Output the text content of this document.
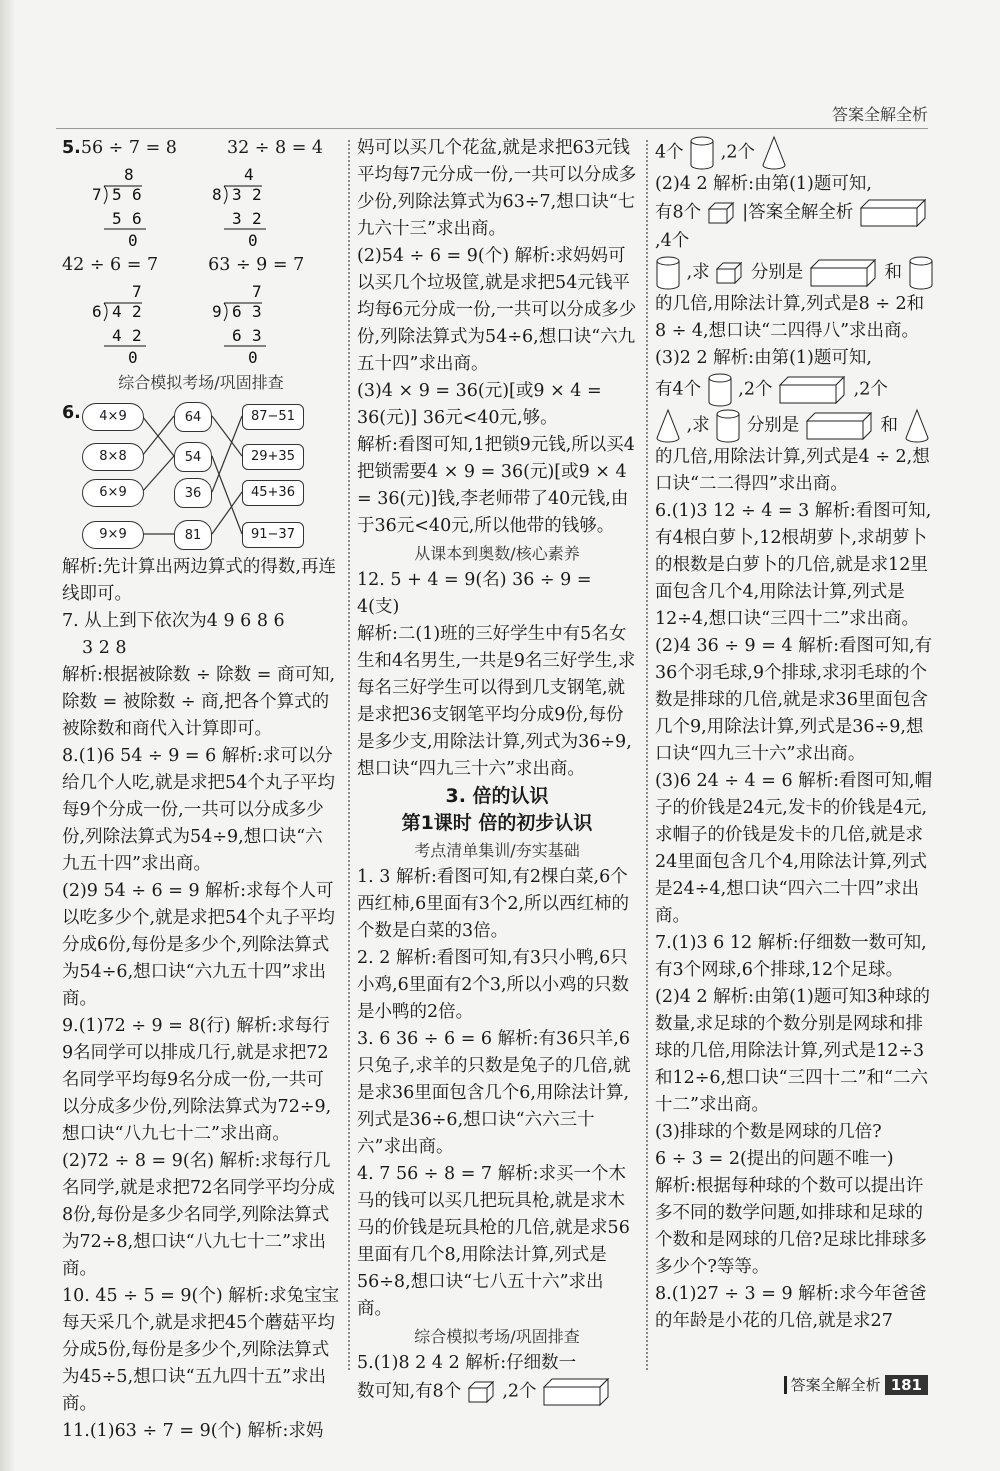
答案全解全析
5.56 ÷ 7 = 8	32 ÷ 8 = 4
8
7 5 6
5 6
0
4
8 3 2
3 2
0
42 ÷ 6 = 7	63 ÷ 9 = 7
7
6 4 2
4 2
0
7
9 6 3
6 3
0

综合模拟考场/巩固排查

6.	4×9
8×8
6×9
9×9
64
54
36
81
87−51
29+35
45+36
91−37

解析:先计算出两边算式的得数,再连线即可。

7. 从上到下依次为4 9 6 8 6

3 2 8

解析:根据被除数 ÷ 除数 = 商可知,除数 = 被除数 ÷ 商,把各个算式的被除数和商代入计算即可。

8.(1)6 54 ÷ 9 = 6 解析:求可以分给几个人吃,就是求把54个丸子平均每9个分成一份,一共可以分成多少份,列除法算式为54÷9,想口诀“六九五十四”求出商。

(2)9 54 ÷ 6 = 9 解析:求每个人可以吃多少个,就是求把54个丸子平均分成6份,每份是多少个,列除法算式为54÷6,想口诀“六九五十四”求出商。

9.(1)72 ÷ 9 = 8(行) 解析:求每行9名同学可以排成几行,就是求把72名同学平均每9名分成一份,一共可以分成多少份,列除法算式为72÷9,想口诀“八九七十二”求出商。

(2)72 ÷ 8 = 9(名) 解析:求每行几名同学,就是求把72名同学平均分成8份,每份是多少名同学,列除法算式为72÷8,想口诀“八九七十二”求出商。

10. 45 ÷ 5 = 9(个) 解析:求兔宝宝每天采几个,就是求把45个蘑菇平均分成5份,每份是多少个,列除法算式为45÷5,想口诀“五九四十五”求出商。

11.(1)63 ÷ 7 = 9(个) 解析:求妈

妈可以买几个花盆,就是求把63元钱平均每7元分成一份,一共可以分成多少份,列除法算式为63÷7,想口诀“七九六十三”求出商。

(2)54 ÷ 6 = 9(个) 解析:求妈妈可以买几个垃圾筐,就是求把54元钱平均每6元分成一份,一共可以分成多少份,列除法算式为54÷6,想口诀“六九五十四”求出商。

(3)4 × 9 = 36(元)[或9 × 4 = 36(元)] 36元<40元,够。

解析:看图可知,1把锁9元钱,所以买4把锁需要4 × 9 = 36(元)[或9 × 4 = 36(元)]钱,李老师带了40元钱,由于36元<40元,所以他带的钱够。

从课本到奥数/核心素养

12. 5 + 4 = 9(名) 36 ÷ 9 = 4(支)

解析:二(1)班的三好学生中有5名女生和4名男生,一共是9名三好学生,求每名三好学生可以得到几支钢笔,就是求把36支钢笔平均分成9份,每份是多少支,用除法计算,列式为36÷9,想口诀“四九三十六”求出商。

3. 倍的认识

第1课时 倍的初步认识

考点清单集训/夯实基础

1. 3 解析:看图可知,有2棵白菜,6个西红柿,6里面有3个2,所以西红柿的个数是白菜的3倍。

2. 2 解析:看图可知,有3只小鸭,6只小鸡,6里面有2个3,所以小鸡的只数是小鸭的2倍。

3. 6 36 ÷ 6 = 6 解析:有36只羊,6只兔子,求羊的只数是兔子的几倍,就是求36里面包含几个6,用除法计算,列式是36÷6,想口诀“六六三十六”求出商。

4. 7 56 ÷ 8 = 7 解析:求买一个木马的钱可以买几把玩具枪,就是求木马的价钱是玩具枪的几倍,就是求56里面有几个8,用除法计算,列式是56÷8,想口诀“七八五十六”求出商。

综合模拟考场/巩固排查

5.(1)8 2 4 2 解析:仔细数一

数可知,有8个 ,2个

4个 ,2个

(2)4 2 解析:由第(1)题可知,

有8个 |答案全解全析  ,4个

,求 分别是	和

的几倍,用除法计算,列式是8 ÷ 2和8 ÷ 4,想口诀“二四得八”求出商。

(3)2 2 解析:由第(1)题可知,

有4个 ,2个	,2个

,求 分别是	和

的几倍,用除法计算,列式是4 ÷ 2,想口诀“二二得四”求出商。

6.(1)3 12 ÷ 4 = 3 解析:看图可知,有4根白萝卜,12根胡萝卜,求胡萝卜的根数是白萝卜的几倍,就是求12里面包含几个4,用除法计算,列式是12÷4,想口诀“三四十二”求出商。

(2)4 36 ÷ 9 = 4 解析:看图可知,有36个羽毛球,9个排球,求羽毛球的个数是排球的几倍,就是求36里面包含几个9,用除法计算,列式是36÷9,想口诀“四九三十六”求出商。

(3)6 24 ÷ 4 = 6 解析:看图可知,帽子的价钱是24元,发卡的价钱是4元,求帽子的价钱是发卡的几倍,就是求24里面包含几个4,用除法计算,列式是24÷4,想口诀“四六二十四”求出商。

7.(1)3 6 12 解析:仔细数一数可知,有3个网球,6个排球,12个足球。

(2)4 2 解析:由第(1)题可知3种球的数量,求足球的个数分别是网球和排球的几倍,用除法计算,列式是12÷3和12÷6,想口诀“三四十二”和“二六十二”求出商。

(3)排球的个数是网球的几倍?

6 ÷ 3 = 2(提出的问题不唯一)

解析:根据每种球的个数可以提出许多不同的数学问题,如排球和足球的个数和是网球的几倍?足球比排球多多少个?等等。

8.(1)27 ÷ 3 = 9 解析:求今年爸爸的年龄是小花的几倍,就是求27

答案全解全析 181
